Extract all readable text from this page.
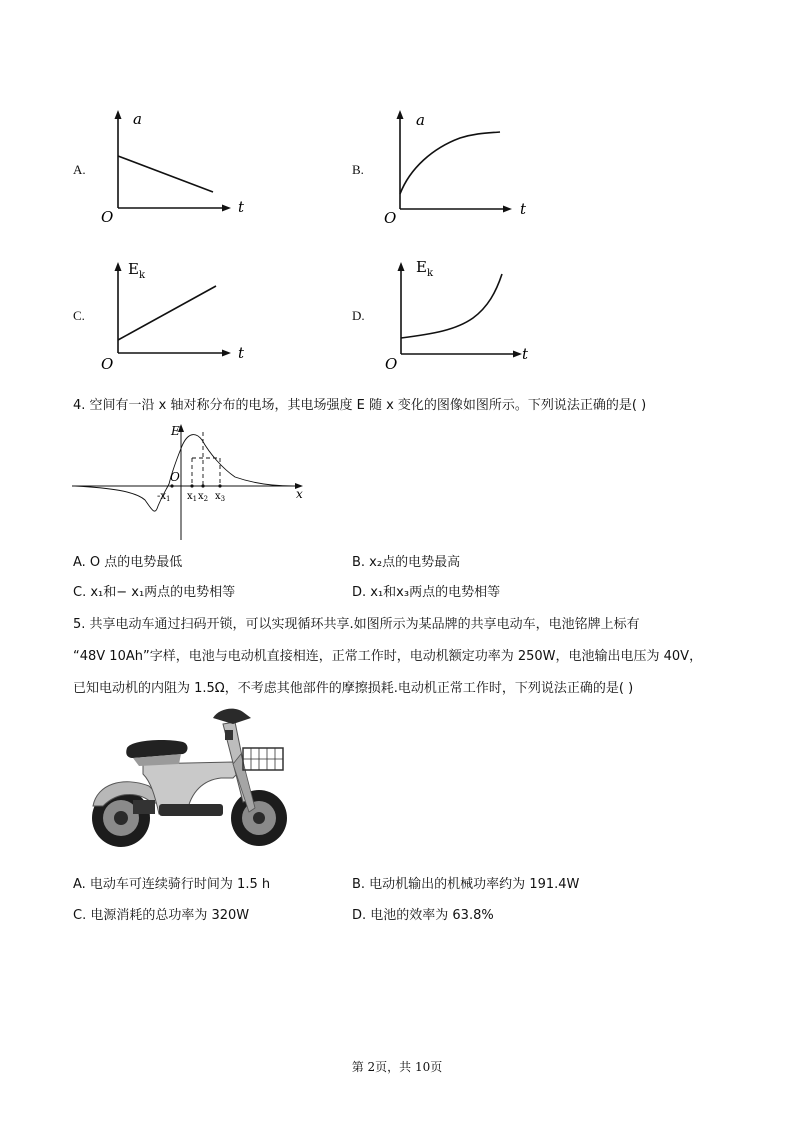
A.
a
t
O
B.
a
t
O
C.
$E_k$
t
O
D.
$E_k$
t
O
4. 空间有一沿 x 轴对称分布的电场，其电场强度 E 随 x 变化的图像如图所示。下列说法正确的是( )
E
x
O
$-x_1$ $x_1$ $x_2$ $x_3$
A. O 点的电势最低	B. x₂点的电势最高
C. x₁和− x₁两点的电势相等	D. x₁和x₃两点的电势相等
5. 共享电动车通过扫码开锁，可以实现循环共享.如图所示为某品牌的共享电动车，电池铭牌上标有
“48V 10Ah”字样，电池与电动机直接相连，正常工作时，电动机额定功率为 250W，电池输出电压为 40V，
已知电动机的内阻为 1.5Ω，不考虑其他部件的摩擦损耗.电动机正常工作时，下列说法正确的是( )
A. 电动车可连续骑行时间为 1.5 h	B. 电动机输出的机械功率约为 191.4W
C. 电源消耗的总功率为 320W	D. 电池的效率为 63.8%
第 2页，共 10页
